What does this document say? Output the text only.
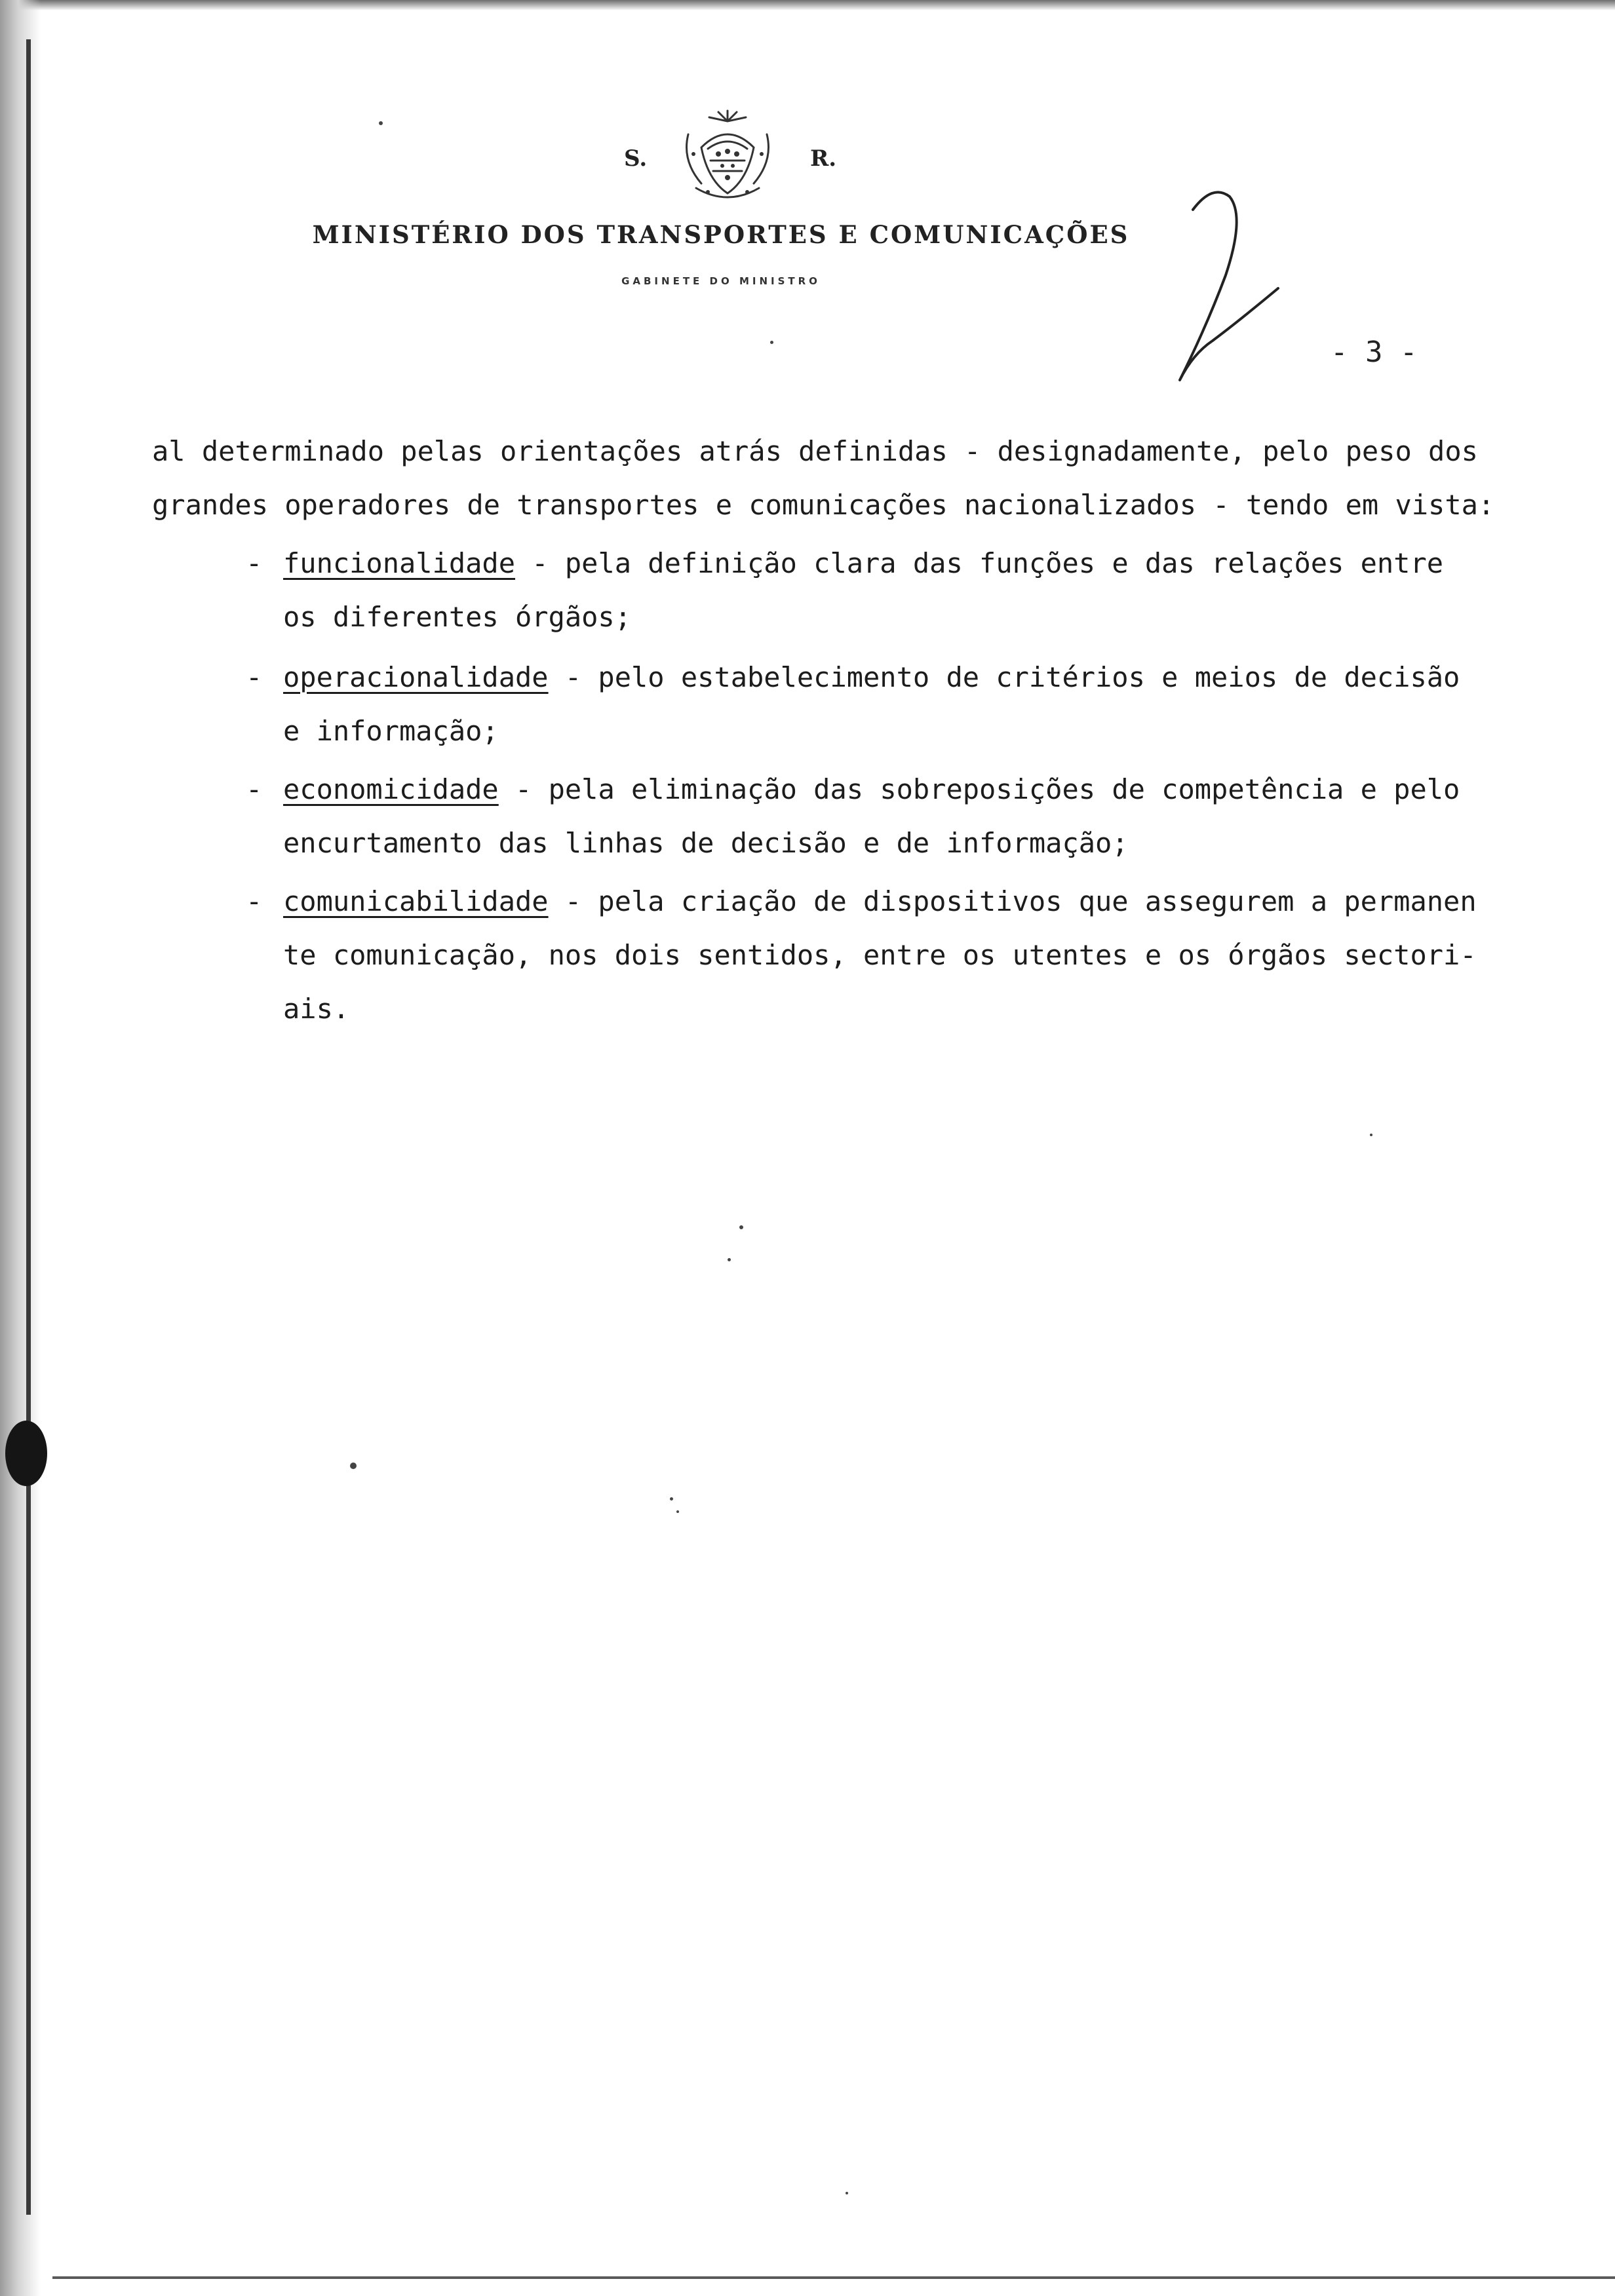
S.	R.
MINISTÉRIO DOS TRANSPORTES E COMUNICAÇÕES
GABINETE DO MINISTRO
- 3 -
al determinado pelas orientações atrás definidas - designadamente, pelo peso dos
grandes operadores de transportes e comunicações nacionalizados - tendo em vista:
- funcionalidade - pela definição clara das funções e das relações entre
os diferentes órgãos;
- operacionalidade - pelo estabelecimento de critérios e meios de decisão
e informação;
- economicidade - pela eliminação das sobreposições de competência e pelo
encurtamento das linhas de decisão e de informação;
- comunicabilidade - pela criação de dispositivos que assegurem a permanen
te comunicação, nos dois sentidos, entre os utentes e os órgãos sectori-
ais.
